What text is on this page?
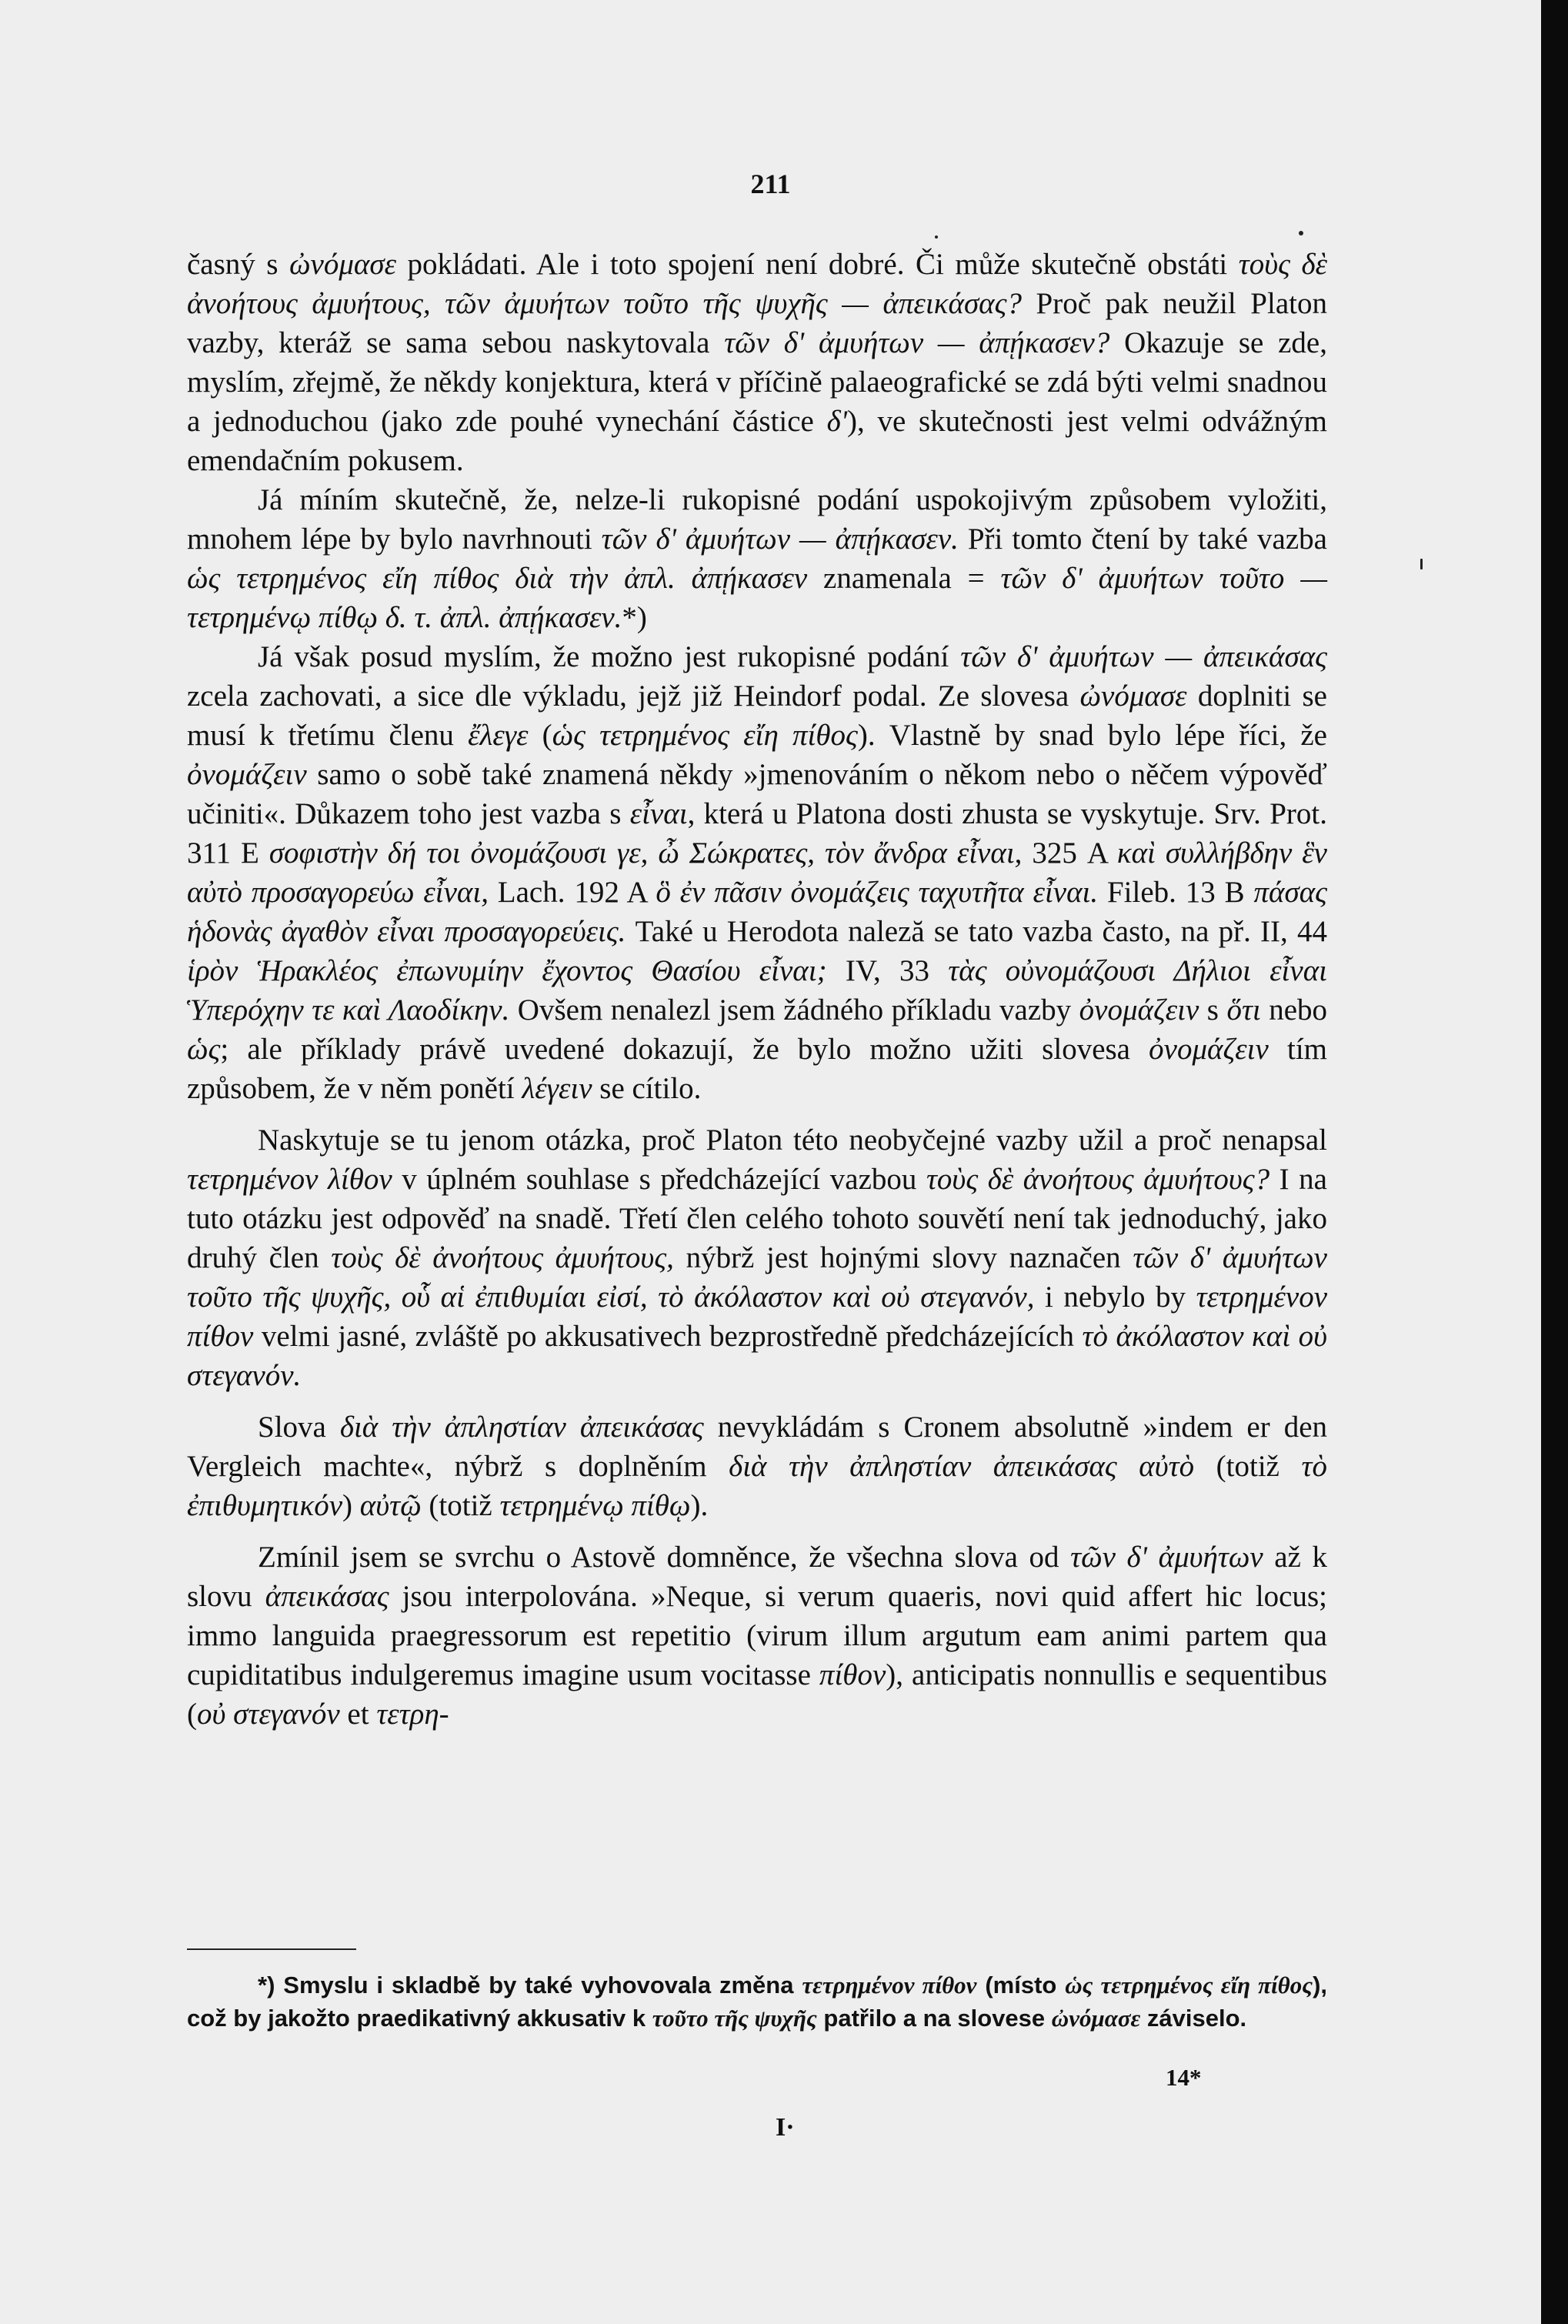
211

časný s ὠνόμασε pokládati. Ale i toto spojení není dobré. Či může skutečně obstáti τοὺς δὲ ἀνοήτους ἀμυήτους, τῶν ἀμυήτων τοῦτο τῆς ψυχῆς — ἀπεικάσας? Proč pak neužil Platon vazby, kteráž se sama sebou naskytovala τῶν δ' ἀμυήτων — ἀπῄκασεν? Okazuje se zde, myslím, zřejmě, že někdy konjektura, která v příčině palaeografické se zdá býti velmi snadnou a jednoduchou (jako zde pouhé vynechání částice δ'), ve skutečnosti jest velmi odvážným emendačním pokusem.

Já míním skutečně, že, nelze-li rukopisné podání uspokojivým způsobem vyložiti, mnohem lépe by bylo navrhnouti τῶν δ' ἀμυήτων — ἀπῄκασεν. Při tomto čtení by také vazba ὡς τετρημένος εἴη πίθος διὰ τὴν ἀπλ. ἀπῄκασεν znamenala = τῶν δ' ἀμυήτων τοῦτο — τετρημένῳ πίθῳ δ. τ. ἀπλ. ἀπῄκασεν.*)

Já však posud myslím, že možno jest rukopisné podání τῶν δ' ἀμυήτων — ἀπεικάσας zcela zachovati, a sice dle výkladu, jejž již Heindorf podal. Ze slovesa ὠνόμασε doplniti se musí k třetímu členu ἔλεγε (ὡς τετρημένος εἴη πίθος). Vlastně by snad bylo lépe říci, že ὀνομάζειν samo o sobě také znamená někdy »jmenováním o někom nebo o něčem výpověď učiniti«. Důkazem toho jest vazba s εἶναι, která u Platona dosti zhusta se vyskytuje. Srv. Prot. 311 E σοφιστὴν δή τοι ὀνομάζουσι γε, ὦ Σώκρατες, τὸν ἄνδρα εἶναι, 325 A καὶ συλλήβδην ἓν αὐτὸ προσαγορεύω εἶναι, Lach. 192 A ὃ ἐν πᾶσιν ὀνομάζεις ταχυτῆτα εἶναι. Fileb. 13 B πάσας ἡδονὰς ἀγαθὸν εἶναι προσαγορεύεις. Také u Herodota naleză se tato vazba často, na př. II, 44 ἱρὸν Ἡρακλέος ἐπωνυμίην ἔχοντος Θασίου εἶναι; IV, 33 τὰς οὐνομάζουσι Δήλιοι εἶναι Ὑπερόχην τε καὶ Λαοδίκην. Ovšem nenalezl jsem žádného příkladu vazby ὀνομάζειν s ὅτι nebo ὡς; ale příklady právě uvedené dokazují, že bylo možno užiti slovesa ὀνομάζειν tím způsobem, že v něm ponětí λέγειν se cítilo.

Naskytuje se tu jenom otázka, proč Platon této neobyčejné vazby užil a proč nenapsal τετρημένον λίθον v úplném souhlase s předcházející vazbou τοὺς δὲ ἀνοήτους ἀμυήτους? I na tuto otázku jest odpověď na snadě. Třetí člen celého tohoto souvětí není tak jednoduchý, jako druhý člen τοὺς δὲ ἀνοήτους ἀμυήτους, nýbrž jest hojnými slovy naznačen τῶν δ' ἀμυήτων τοῦτο τῆς ψυχῆς, οὗ αἱ ἐπιθυμίαι εἰσί, τὸ ἀκόλαστον καὶ οὐ στεγανόν, i nebylo by τετρημένον πίθον velmi jasné, zvláště po akkusativech bezprostředně předcházejících τὸ ἀκόλαστον καὶ οὐ στεγανόν.

Slova διὰ τὴν ἀπληστίαν ἀπεικάσας nevykládám s Cronem absolutně »indem er den Vergleich machte«, nýbrž s doplněním διὰ τὴν ἀπληστίαν ἀπεικάσας αὐτὸ (totiž τὸ ἐπιθυμητικόν) αὐτῷ (totiž τετρημένῳ πίθῳ).

Zmínil jsem se svrchu o Astově domněnce, že všechna slova od τῶν δ' ἀμυήτων až k slovu ἀπεικάσας jsou interpolována. »Neque, si verum quaeris, novi quid affert hic locus; immo languida praegressorum est repetitio (virum illum argutum eam animi partem qua cupiditatibus indulgeremus imagine usum vocitasse πίθον), anticipatis nonnullis e sequentibus (οὐ στεγανόν et τετρη-

*) Smyslu i skladbě by také vyhovovala změna τετρημένον πίθον (místo ὡς τετρημένος εἴη πίθος), což by jakožto praedikativný akkusativ k τοῦτο τῆς ψυχῆς patřilo a na slovese ὠνόμασε záviselo.
14*
I·
